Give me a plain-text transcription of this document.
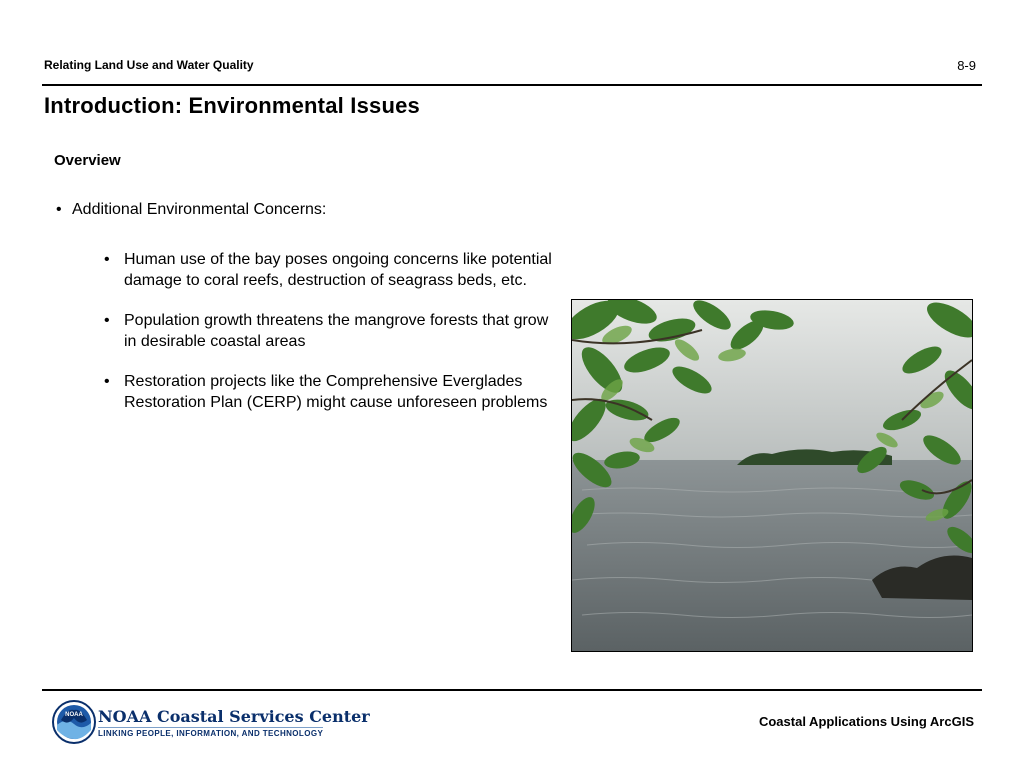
Relating Land Use and Water Quality	8-9
Introduction: Environmental Issues
Overview
• Additional Environmental Concerns:
• Human use of the bay poses ongoing concerns like potential damage to coral reefs, destruction of seagrass beds, etc.
• Population growth threatens the mangrove forests that grow in desirable coastal areas
• Restoration projects like the Comprehensive Everglades Restoration Plan (CERP) might cause unforeseen problems
NOAA NOAA Coastal Services Center
LINKING PEOPLE, INFORMATION, AND TECHNOLOGY
Coastal Applications Using ArcGIS
